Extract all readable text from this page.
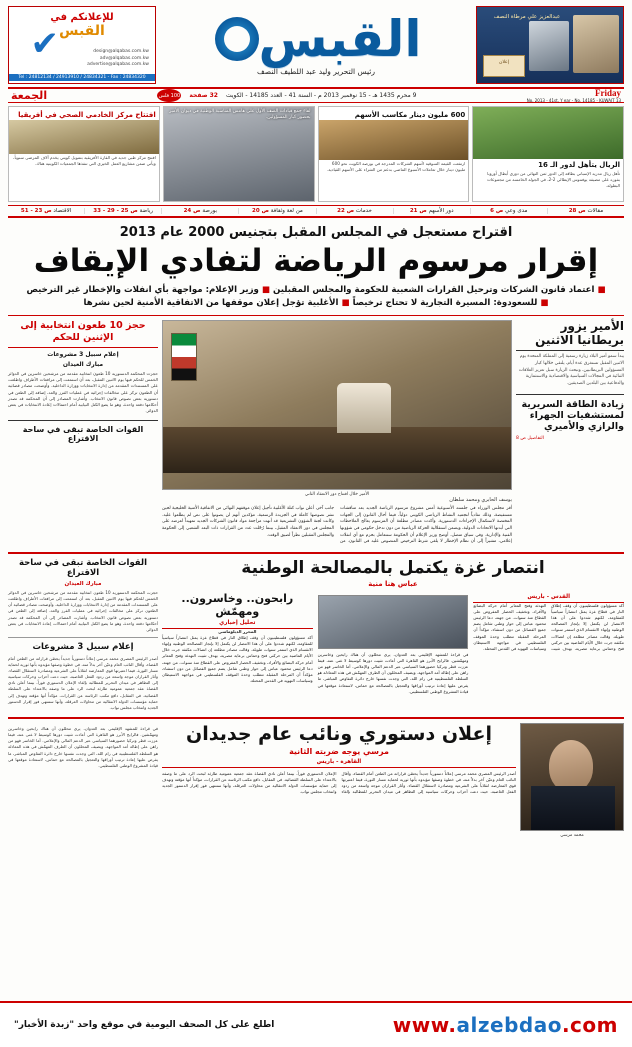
عبدالعزيز علي مرطاة النصف
إعلان
القبس
رئيس التحرير وليد عبد اللطيف النصف
للإعلانكم في
القبس
✔	design@alqabas.com.kw adv@alqabas.com.kw advertise@alqabas.com.kw
Tel : 24812134 / 24913910 / 24834321 - Fax : 24834320
Friday
13 No, 2013 - 41st, Y ear - No. 14185 - KUWAIT
9 محرم 1435 هـ - 15 نوفمبر 2013 م - السنة 41 - العدد 14185 - الكويت
32 صفحة
100 فلس
الجمعة
الريال يتأهل لدور الـ 16
تأهل ريال مدريد الإسباني بطاقة إلى الدور ثمن النهائي من دوري أبطال أوروبا بفوزه على مضيفه يوفنتوس الإيطالي 2-2، في الجولة الخامسة من مجموعات البطولة.
600 مليون دينار مكاسب الأسهم
ارتفعت القيمة السوقية لأسهم الشركات المدرجة في بورصة الكويت نحو 600 مليون دينار خلال تعاملات الأسبوع الماضي بدعم من الشراء على الأسهم القيادية.
لقاء جمع قيادات الصف الأول على هامش المناسبة الوطنية في ديوان الأمير بحضور كبار المسؤولين.
افتتاح مركز الخادمي الصحي في أفريقيا
افتتح مركز طبي جديد في القارة الأفريقية بتمويل كويتي يخدم آلاف المرضى سنوياً، ويأتي ضمن مشاريع العمل الخيري التي تنفذها الجمعيات الكويتية هناك.
مقالات ص 28
مدى وعي ص 6
دور الأسهم ص 21
خدمات ص 22
من لغة وثقافة ص 20
بورصة ص 24
رياضة ص 25 - 29 - 33
الاقتصاد ص 23 - 51
اقتراح مستعجل في المجلس المقبل بتجنيس 2000 عام 2013
إقرار مرسوم الرياضة لتفادي الإيقاف
■اعتماد قانون الشركات وترحيل القرارات الشعبية للحكومة والمجلس المقبلين ■وزير الإعلام: مواجهة بأي انفلات والإخطار غير الترخيص
■للسعودوة: المسيرة التجارية لا تحتاج ترخيصاً ■الأغلبية تؤجل إعلان موقفها من الاتفاقية الأمنية لحين نشرها
الأمير يزور بريطانيا الاثنين
يبدأ سمو أمير البلاد زيارة رسمية إلى المملكة المتحدة يوم الاثنين المقبل تستغرق عدة أيام، يلتقي خلالها كبار المسؤولين البريطانيين، وتبحث الزيارة سبل تعزيز العلاقات الثنائية في المجالات السياسية والاقتصادية والاستثمارية والدفاعية بين البلدين الصديقين.
زيادة الطاقة السريرية لمستشفيات الجهراء والرازي والأميري
التفاصيل ص 8
الأمير خلال افتتاح دور الانعقاد الثاني
يوسف الحايري ومحمد سلطان
أقر مجلس الوزراء في جلسته الأسبوعية أمس مشروع مرسوم الرياضة الجديد بعد مناقشات مستفيضة، وذلك تفادياً لتجميد النشاط الرياضي الكويتي دولياً، فيما أحال القانون إلى الجهات المختصة لاستكمال الإجراءات الدستورية. وأكدت مصادر مطلعة أن المرسوم يعالج الملاحظات التي أبدتها الاتحادات الدولية، ويضمن استقلالية الحركة الرياضية من دون تدخل حكومي في شؤونها الفنية والإدارية. وفي سياق متصل، أوضح وزير الإعلام أن الحكومة ستتعامل بحزم مع أي انفلات إعلامي، مشيراً إلى أن نظام الإخطار لا يلغي شرط الترخيص المنصوص عليه في القانون. من جانب آخر، أعلن نواب كتلة الأغلبية تأجيل إعلان موقفهم النهائي من الاتفاقية الأمنية الخليجية لحين نشر نصوصها كاملة في الجريدة الرسمية، مؤكدين أنهم لن يصوتوا على نص لم يطلعوا عليه. وكانت لجنة الشؤون التشريعية قد أنهت مراجعة مواد قانون الشركات الجديد تمهيداً لعرضه على المجلس في دور الانعقاد المقبل، بينما رُحّلت عدد من القرارات ذات البعد الشعبي إلى الحكومة والمجلس المقبلين نظراً لضيق الوقت.
حجز 10 طعون انتخابية إلى الإثنين للحكم
إعلام سبيل 3 مشروعات
مبارك العيدان
حجزت المحكمة الدستورية 10 طعون انتخابية مقدمة من مرشحين خاسرين في الدوائر الخمس للحكم فيها يوم الاثنين المقبل، بعد أن استمعت إلى مرافعات الأطراف واطلعت على المستندات المقدمة من إدارة الانتخابات ووزارة الداخلية. وأوضحت مصادر قضائية أن الطعون تركز على مخالفات إجرائية في عمليات الفرز والعد، إضافة إلى الطعن في دستورية بعض نصوص قانون الانتخاب. وأشارت المصادر إلى أن المحكمة قد تصدر أحكامها دفعة واحدة، وهو ما يضع الكتل النيابية أمام احتمالات إعادة الانتخابات في بعض الدوائر.
القوات الخاصة تبقى في ساحة الاقتراع
انتصار غزة يكتمل بالمصالحة الوطنية
عباس هنا منية
القدس - باريس
أكد مسؤولون فلسطينيون أن وقف إطلاق النار في قطاع غزة يمثل انتصاراً سياسياً للمقاومة، لكنهم شددوا على أن هذا الانتصار لن يكتمل إلا بإنجاز المصالحة الوطنية وإنهاء الانقسام الذي استمر سنوات طويلة. وقالت مصادر مطلعة إن اتصالات مكثفة جرت خلال الأيام الماضية بين حركتي فتح وحماس برعاية مصرية، بهدف تثبيت التهدئة وفتح المعابر أمام حركة البضائع والأفراد، وتخفيف الحصار المفروض على القطاع منذ سنوات. من جهته، دعا الرئيس محمود عباس إلى حوار وطني شامل يضم جميع الفصائل من دون استثناء، مؤكداً أن المرحلة المقبلة تتطلب وحدة الموقف الفلسطيني في مواجهة الاستيطان وسياسات التهويد في القدس المحتلة.
في قراءة للمشهد الإقليمي بعد العدوان، يرى محللون أن هناك رابحين وخاسرين ومهمّشين. فالرابح الأبرز هو القاهرة التي أعادت تثبيت دورها كوسيط لا غنى عنه، فيما عززت قطر وتركيا حضورهما السياسي عبر الدعم المالي والإعلامي. أما الخاسر فهو من راهن على إطالة أمد المواجهة. ويضيف المحللون أن الطرف المهمّش في هذه المعادلة هو السلطة الفلسطينية في رام الله، التي وجدت نفسها خارج دائرة التفاوض المباشر، ما يفرض عليها إعادة ترتيب أوراقها والتعجيل بالمصالحة مع حماس، لاستعادة موقعها في قيادة المشروع الوطني الفلسطيني.
رابحون.. وخاسرون.. ومهمّش
تحليل إخباري
المحرر الدبلوماسي
أكد مسؤولون فلسطينيون أن وقف إطلاق النار في قطاع غزة يمثل انتصاراً سياسياً للمقاومة، لكنهم شددوا على أن هذا الانتصار لن يكتمل إلا بإنجاز المصالحة الوطنية وإنهاء الانقسام الذي استمر سنوات طويلة. وقالت مصادر مطلعة إن اتصالات مكثفة جرت خلال الأيام الماضية بين حركتي فتح وحماس برعاية مصرية، بهدف تثبيت التهدئة وفتح المعابر أمام حركة البضائع والأفراد، وتخفيف الحصار المفروض على القطاع منذ سنوات. من جهته، دعا الرئيس محمود عباس إلى حوار وطني شامل يضم جميع الفصائل من دون استثناء، مؤكداً أن المرحلة المقبلة تتطلب وحدة الموقف الفلسطيني في مواجهة الاستيطان وسياسات التهويد في القدس المحتلة.
القوات الخاصة تبقى في ساحة الاقتراع
مبارك العيدان
حجزت المحكمة الدستورية 10 طعون انتخابية مقدمة من مرشحين خاسرين في الدوائر الخمس للحكم فيها يوم الاثنين المقبل، بعد أن استمعت إلى مرافعات الأطراف واطلعت على المستندات المقدمة من إدارة الانتخابات ووزارة الداخلية. وأوضحت مصادر قضائية أن الطعون تركز على مخالفات إجرائية في عمليات الفرز والعد، إضافة إلى الطعن في دستورية بعض نصوص قانون الانتخاب. وأشارت المصادر إلى أن المحكمة قد تصدر أحكامها دفعة واحدة، وهو ما يضع الكتل النيابية أمام احتمالات إعادة الانتخابات في بعض الدوائر.
إعلام سبيل 3 مشروعات
أصدر الرئيس المصري محمد مرسي إعلاناً دستورياً جديداً يحصّن قراراته من الطعن أمام القضاء، وأقال النائب العام وعيّن آخر بدلاً منه، في خطوة وصفها مؤيدوه بأنها ثورية لحماية مسار الثورة، فيما اعتبرتها قوى المعارضة انقلاباً على الشرعية ومصادرة لاستقلال القضاء. وأثار القراران موجة واسعة من ردود الفعل الغاضبة، حيث دعت أحزاب وحركات سياسية إلى التظاهر في ميدان التحرير للمطالبة بإلغاء الإعلان الدستوري فوراً، بينما أعلن نادي القضاة عقد جمعية عمومية طارئة لبحث الرد على ما وصفه بالاعتداء على السلطة القضائية. في المقابل، دافع مكتب الرئاسة عن القرارات، مؤكداً أنها مؤقتة وتهدف إلى حماية مؤسسات الدولة الانتقالية من محاولات العرقلة، وأنها ستنتهي فور إقرار الدستور الجديد وانتخاب مجلس نواب.
محمد مرسي
إعلان دستوري ونائب عام جديدان
مرسي يوجه ضربته الثانية
القاهرة - باريس
أصدر الرئيس المصري محمد مرسي إعلاناً دستورياً جديداً يحصّن قراراته من الطعن أمام القضاء، وأقال النائب العام وعيّن آخر بدلاً منه، في خطوة وصفها مؤيدوه بأنها ثورية لحماية مسار الثورة، فيما اعتبرتها قوى المعارضة انقلاباً على الشرعية ومصادرة لاستقلال القضاء. وأثار القراران موجة واسعة من ردود الفعل الغاضبة، حيث دعت أحزاب وحركات سياسية إلى التظاهر في ميدان التحرير للمطالبة بإلغاء الإعلان الدستوري فوراً، بينما أعلن نادي القضاة عقد جمعية عمومية طارئة لبحث الرد على ما وصفه بالاعتداء على السلطة القضائية. في المقابل، دافع مكتب الرئاسة عن القرارات، مؤكداً أنها مؤقتة وتهدف إلى حماية مؤسسات الدولة الانتقالية من محاولات العرقلة، وأنها ستنتهي فور إقرار الدستور الجديد وانتخاب مجلس نواب.
في قراءة للمشهد الإقليمي بعد العدوان، يرى محللون أن هناك رابحين وخاسرين ومهمّشين. فالرابح الأبرز هو القاهرة التي أعادت تثبيت دورها كوسيط لا غنى عنه، فيما عززت قطر وتركيا حضورهما السياسي عبر الدعم المالي والإعلامي. أما الخاسر فهو من راهن على إطالة أمد المواجهة. ويضيف المحللون أن الطرف المهمّش في هذه المعادلة هو السلطة الفلسطينية في رام الله، التي وجدت نفسها خارج دائرة التفاوض المباشر، ما يفرض عليها إعادة ترتيب أوراقها والتعجيل بالمصالحة مع حماس، لاستعادة موقعها في قيادة المشروع الوطني الفلسطيني.
www.alzebdao.com
اطلع على كل الصحف اليومية في موقع واحد "زبدة الأخبار"
